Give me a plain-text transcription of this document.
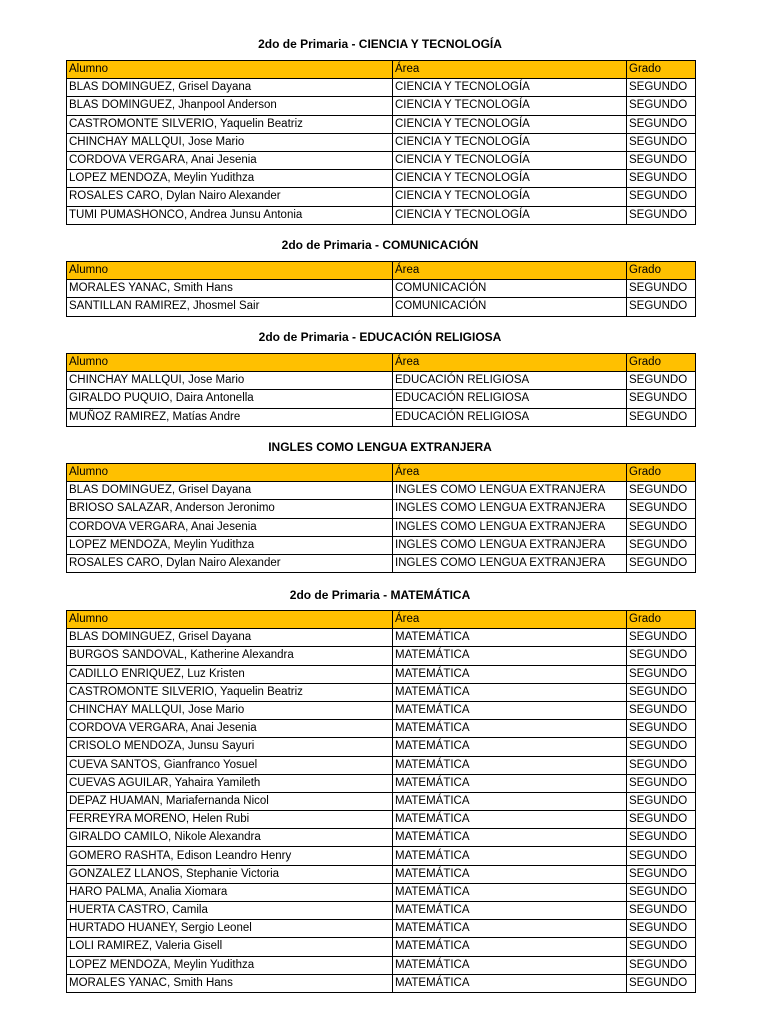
2do de Primaria - CIENCIA Y TECNOLOGÍA
Alumno	Área	Grado
BLAS DOMINGUEZ, Grisel Dayana	CIENCIA Y TECNOLOGÍA	SEGUNDO
BLAS DOMINGUEZ, Jhanpool Anderson	CIENCIA Y TECNOLOGÍA	SEGUNDO
CASTROMONTE SILVERIO, Yaquelin Beatriz	CIENCIA Y TECNOLOGÍA	SEGUNDO
CHINCHAY MALLQUI, Jose Mario	CIENCIA Y TECNOLOGÍA	SEGUNDO
CORDOVA VERGARA, Anai Jesenia	CIENCIA Y TECNOLOGÍA	SEGUNDO
LOPEZ MENDOZA, Meylin Yudithza	CIENCIA Y TECNOLOGÍA	SEGUNDO
ROSALES CARO, Dylan Nairo Alexander	CIENCIA Y TECNOLOGÍA	SEGUNDO
TUMI PUMASHONCO, Andrea Junsu Antonia	CIENCIA Y TECNOLOGÍA	SEGUNDO
2do de Primaria - COMUNICACIÓN
Alumno	Área	Grado
MORALES YANAC, Smith Hans	COMUNICACIÓN	SEGUNDO
SANTILLAN RAMIREZ, Jhosmel Sair	COMUNICACIÓN	SEGUNDO
2do de Primaria - EDUCACIÓN RELIGIOSA
Alumno	Área	Grado
CHINCHAY MALLQUI, Jose Mario	EDUCACIÓN RELIGIOSA	SEGUNDO
GIRALDO PUQUIO, Daira Antonella	EDUCACIÓN RELIGIOSA	SEGUNDO
MUÑOZ RAMIREZ, Matías Andre	EDUCACIÓN RELIGIOSA	SEGUNDO
INGLES COMO LENGUA EXTRANJERA
Alumno	Área	Grado
BLAS DOMINGUEZ, Grisel Dayana	INGLES COMO LENGUA EXTRANJERA	SEGUNDO
BRIOSO SALAZAR, Anderson Jeronimo	INGLES COMO LENGUA EXTRANJERA	SEGUNDO
CORDOVA VERGARA, Anai Jesenia	INGLES COMO LENGUA EXTRANJERA	SEGUNDO
LOPEZ MENDOZA, Meylin Yudithza	INGLES COMO LENGUA EXTRANJERA	SEGUNDO
ROSALES CARO, Dylan Nairo Alexander	INGLES COMO LENGUA EXTRANJERA	SEGUNDO
2do de Primaria - MATEMÁTICA
Alumno	Área	Grado
BLAS DOMINGUEZ, Grisel Dayana	MATEMÁTICA	SEGUNDO
BURGOS SANDOVAL, Katherine Alexandra	MATEMÁTICA	SEGUNDO
CADILLO ENRIQUEZ, Luz Kristen	MATEMÁTICA	SEGUNDO
CASTROMONTE SILVERIO, Yaquelin Beatriz	MATEMÁTICA	SEGUNDO
CHINCHAY MALLQUI, Jose Mario	MATEMÁTICA	SEGUNDO
CORDOVA VERGARA, Anai Jesenia	MATEMÁTICA	SEGUNDO
CRISOLO MENDOZA, Junsu Sayuri	MATEMÁTICA	SEGUNDO
CUEVA SANTOS, Gianfranco Yosuel	MATEMÁTICA	SEGUNDO
CUEVAS AGUILAR, Yahaira Yamileth	MATEMÁTICA	SEGUNDO
DEPAZ HUAMAN, Mariafernanda Nicol	MATEMÁTICA	SEGUNDO
FERREYRA MORENO, Helen Rubi	MATEMÁTICA	SEGUNDO
GIRALDO CAMILO, Nikole Alexandra	MATEMÁTICA	SEGUNDO
GOMERO RASHTA, Edison Leandro Henry	MATEMÁTICA	SEGUNDO
GONZALEZ LLANOS, Stephanie Victoria	MATEMÁTICA	SEGUNDO
HARO PALMA, Analia Xiomara	MATEMÁTICA	SEGUNDO
HUERTA CASTRO, Camila	MATEMÁTICA	SEGUNDO
HURTADO HUANEY, Sergio Leonel	MATEMÁTICA	SEGUNDO
LOLI RAMIREZ, Valeria Gisell	MATEMÁTICA	SEGUNDO
LOPEZ MENDOZA, Meylin Yudithza	MATEMÁTICA	SEGUNDO
MORALES YANAC, Smith Hans	MATEMÁTICA	SEGUNDO
